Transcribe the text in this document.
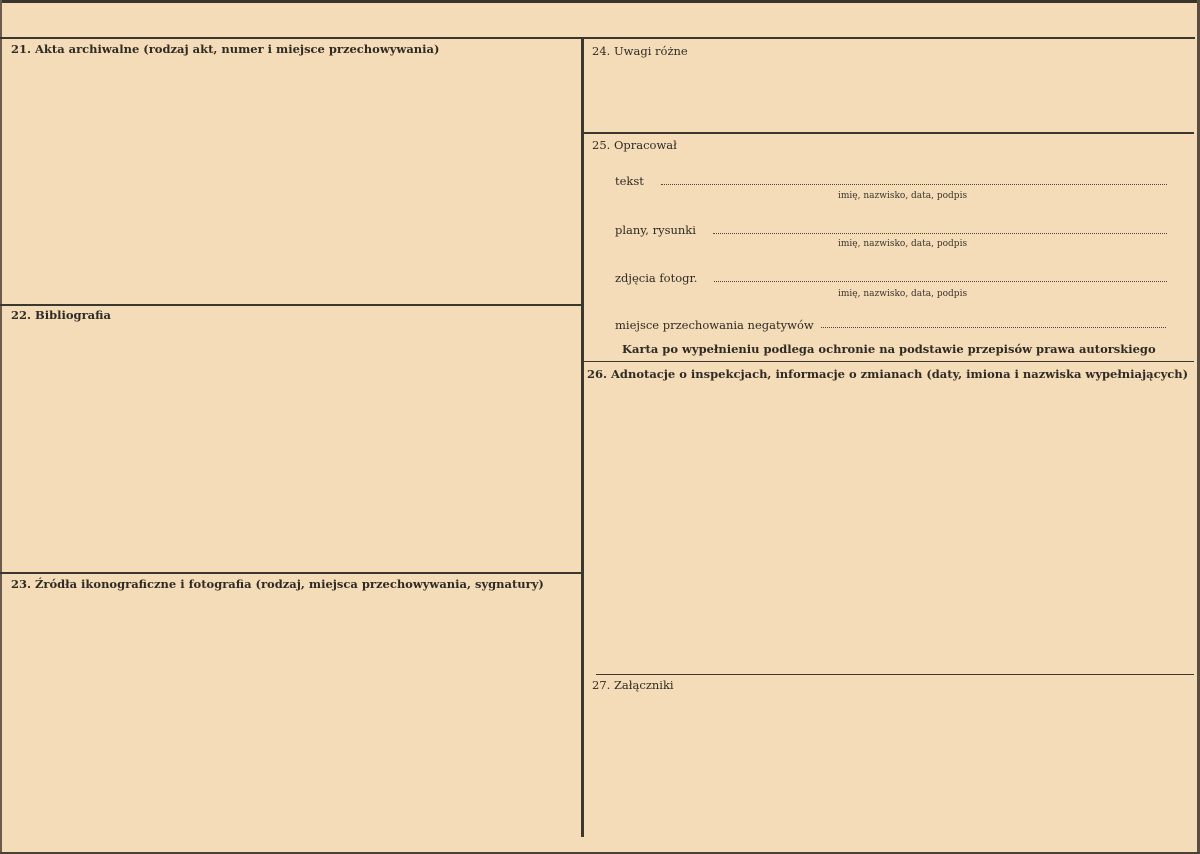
21. Akta archiwalne (rodzaj akt, numer i miejsce przechowywania)
22. Bibliografia
23. Źródła ikonograficzne i fotografia (rodzaj, miejsca przechowywania, sygnatury)
24. Uwagi różne
25. Opracował
tekst
imię, nazwisko, data, podpis
plany, rysunki
imię, nazwisko, data, podpis
zdjęcia fotogr.
imię, nazwisko, data, podpis
miejsce przechowania negatywów
Karta po wypełnieniu podlega ochronie na podstawie przepisów prawa autorskiego
26. Adnotacje o inspekcjach, informacje o zmianach (daty, imiona i nazwiska wypełniających)
27. Załączniki
